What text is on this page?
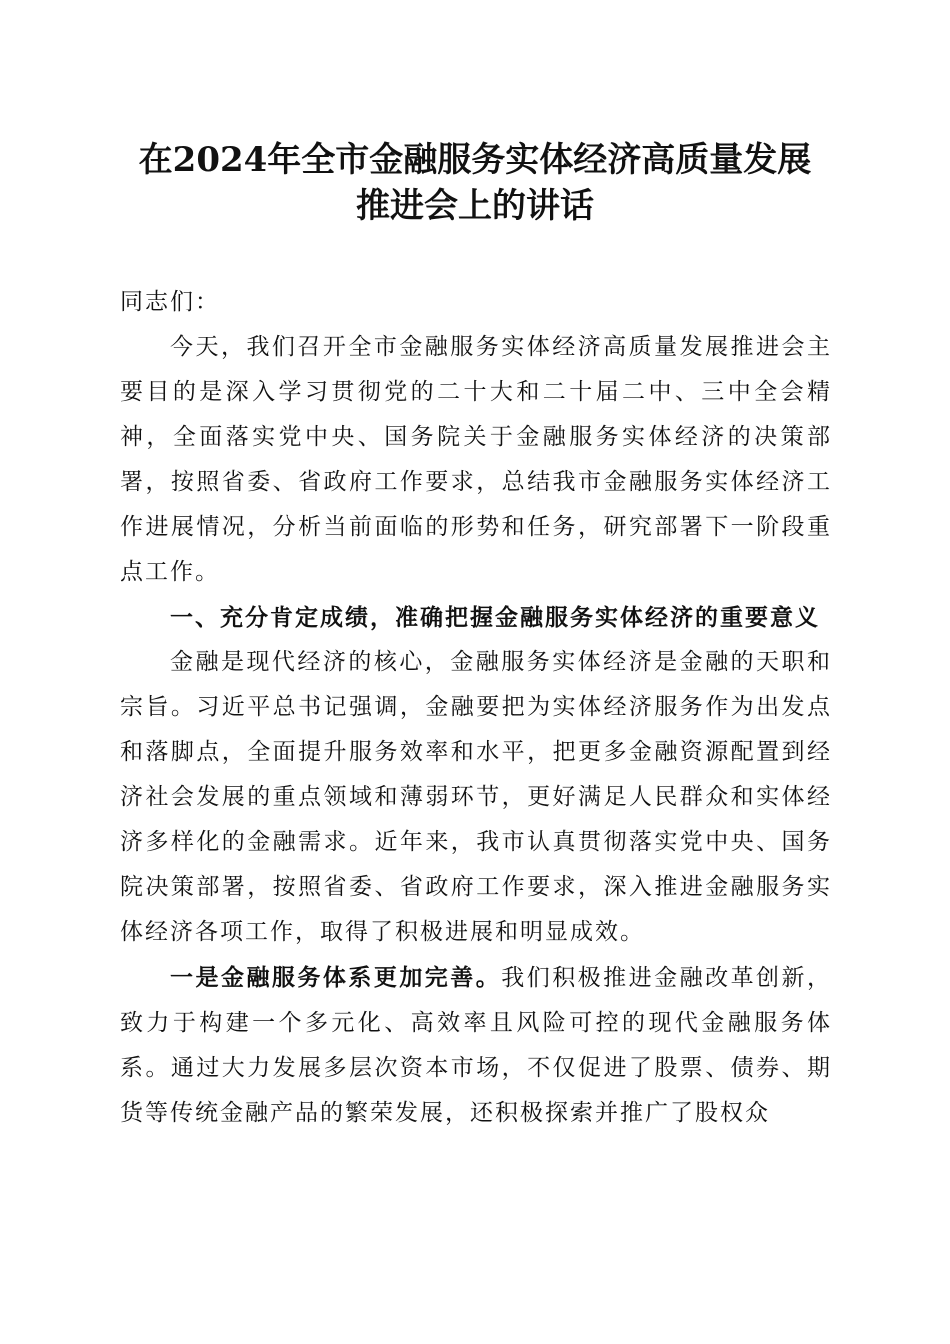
在2024年全市金融服务实体经济高质量发展
推进会上的讲话

同志们：

今天，我们召开全市金融服务实体经济高质量发展推进会主要目的是深入学习贯彻党的二十大和二十届二中、三中全会精神，全面落实党中央、国务院关于金融服务实体经济的决策部署，按照省委、省政府工作要求，总结我市金融服务实体经济工作进展情况，分析当前面临的形势和任务，研究部署下一阶段重点工作。

一、充分肯定成绩，准确把握金融服务实体经济的重要意义

金融是现代经济的核心，金融服务实体经济是金融的天职和宗旨。习近平总书记强调，金融要把为实体经济服务作为出发点和落脚点，全面提升服务效率和水平，把更多金融资源配置到经济社会发展的重点领域和薄弱环节，更好满足人民群众和实体经济多样化的金融需求。近年来，我市认真贯彻落实党中央、国务院决策部署，按照省委、省政府工作要求，深入推进金融服务实体经济各项工作，取得了积极进展和明显成效。

一是金融服务体系更加完善。我们积极推进金融改革创新，致力于构建一个多元化、高效率且风险可控的现代金融服务体系。通过大力发展多层次资本市场，不仅促进了股票、债券、期货等传统金融产品的繁荣发展，还积极探索并推广了股权众
